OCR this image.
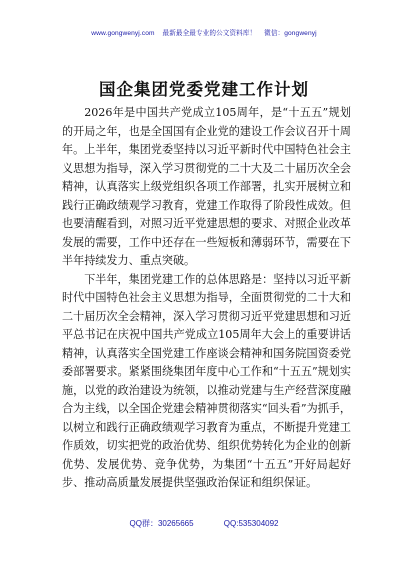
www.gongwenyj.com 最新最全最专业的公文资料库！ 微信：gongwenyj
国企集团党委党建工作计划

2026年是中国共产党成立105周年，是“十五五”规划的开局之年，也是全国国有企业党的建设工作会议召开十周年。上半年，集团党委坚持以习近平新时代中国特色社会主义思想为指导，深入学习贯彻党的二十大及二十届历次全会精神，认真落实上级党组织各项工作部署，扎实开展树立和践行正确政绩观学习教育，党建工作取得了阶段性成效。但也要清醒看到，对照习近平党建思想的要求、对照企业改革发展的需要，工作中还存在一些短板和薄弱环节，需要在下半年持续发力、重点突破。

下半年，集团党建工作的总体思路是：坚持以习近平新时代中国特色社会主义思想为指导，全面贯彻党的二十大和二十届历次全会精神，深入学习贯彻习近平党建思想和习近平总书记在庆祝中国共产党成立105周年大会上的重要讲话精神，认真落实全国党建工作座谈会精神和国务院国资委党委部署要求。紧紧围绕集团年度中心工作和“十五五”规划实施，以党的政治建设为统领，以推动党建与生产经营深度融合为主线，以全国企党建会精神贯彻落实“回头看”为抓手，以树立和践行正确政绩观学习教育为重点，不断提升党建工作质效，切实把党的政治优势、组织优势转化为企业的创新优势、发展优势、竞争优势，为集团“十五五”开好局起好步、推动高质量发展提供坚强政治保证和组织保证。

QQ群：30265665	QQ:535304092
